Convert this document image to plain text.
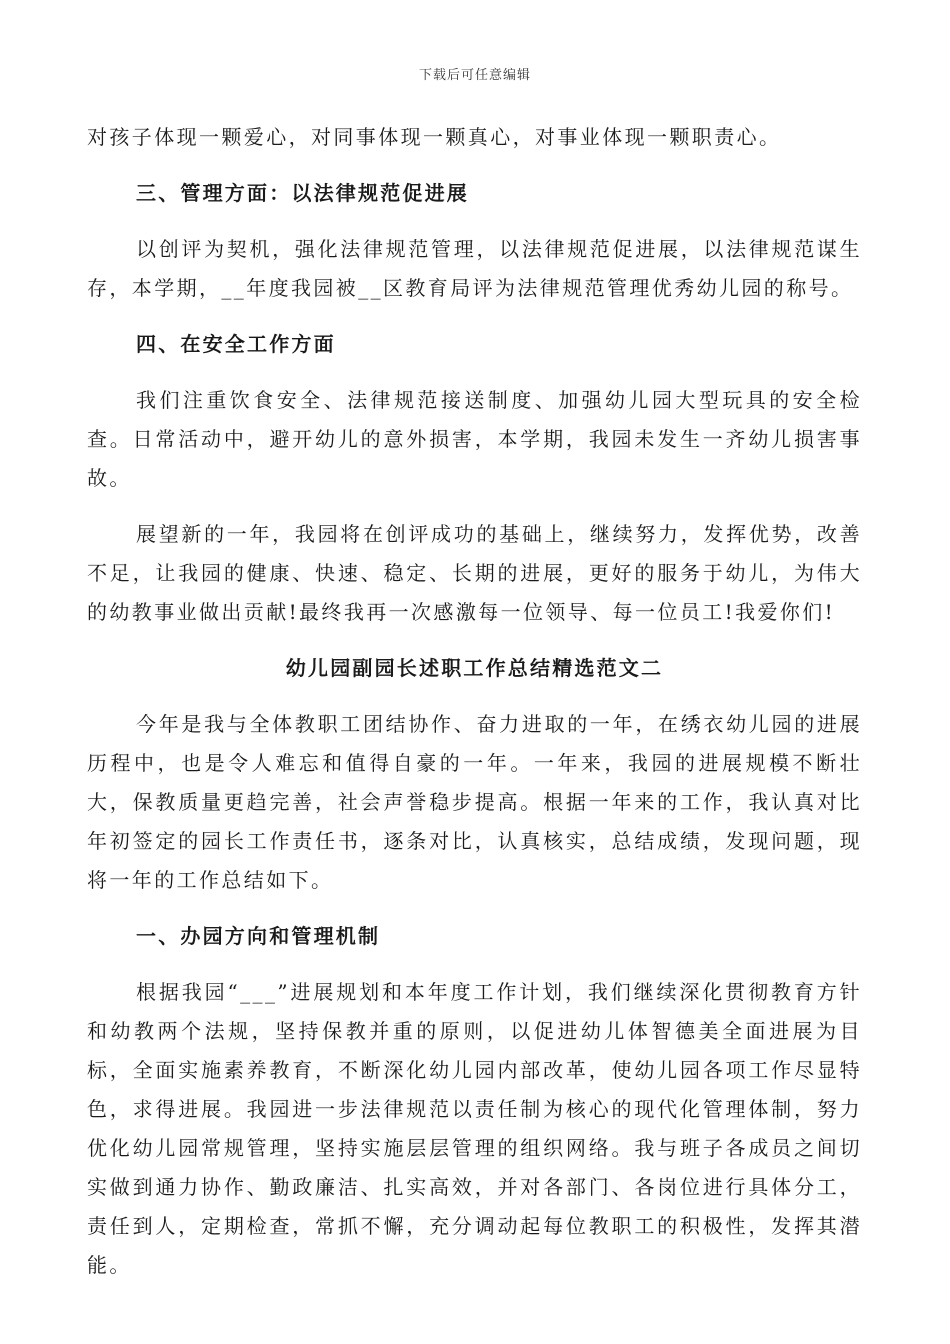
下载后可任意编辑

对孩子体现一颗爱心，对同事体现一颗真心，对事业体现一颗职责心。

三、管理方面：以法律规范促进展

以创评为契机，强化法律规范管理，以法律规范促进展，以法律规范谋生存，本学期，__年度我园被__区教育局评为法律规范管理优秀幼儿园的称号。

四、在安全工作方面

我们注重饮食安全、法律规范接送制度、加强幼儿园大型玩具的安全检查。日常活动中，避开幼儿的意外损害，本学期，我园未发生一齐幼儿损害事故。

展望新的一年，我园将在创评成功的基础上，继续努力，发挥优势，改善不足，让我园的健康、快速、稳定、长期的进展，更好的服务于幼儿，为伟大的幼教事业做出贡献!最终我再一次感激每一位领导、每一位员工!我爱你们!

幼儿园副园长述职工作总结精选范文二

今年是我与全体教职工团结协作、奋力进取的一年，在绣衣幼儿园的进展历程中，也是令人难忘和值得自豪的一年。一年来，我园的进展规模不断壮大，保教质量更趋完善，社会声誉稳步提高。根据一年来的工作，我认真对比年初签定的园长工作责任书，逐条对比，认真核实，总结成绩，发现问题，现将一年的工作总结如下。

一、办园方向和管理机制

根据我园“___”进展规划和本年度工作计划，我们继续深化贯彻教育方针和幼教两个法规，坚持保教并重的原则，以促进幼儿体智德美全面进展为目标，全面实施素养教育，不断深化幼儿园内部改革，使幼儿园各项工作尽显特色，求得进展。我园进一步法律规范以责任制为核心的现代化管理体制，努力优化幼儿园常规管理，坚持实施层层管理的组织网络。我与班子各成员之间切实做到通力协作、勤政廉洁、扎实高效，并对各部门、各岗位进行具体分工，责任到人，定期检查，常抓不懈，充分调动起每位教职工的积极性，发挥其潜能。
